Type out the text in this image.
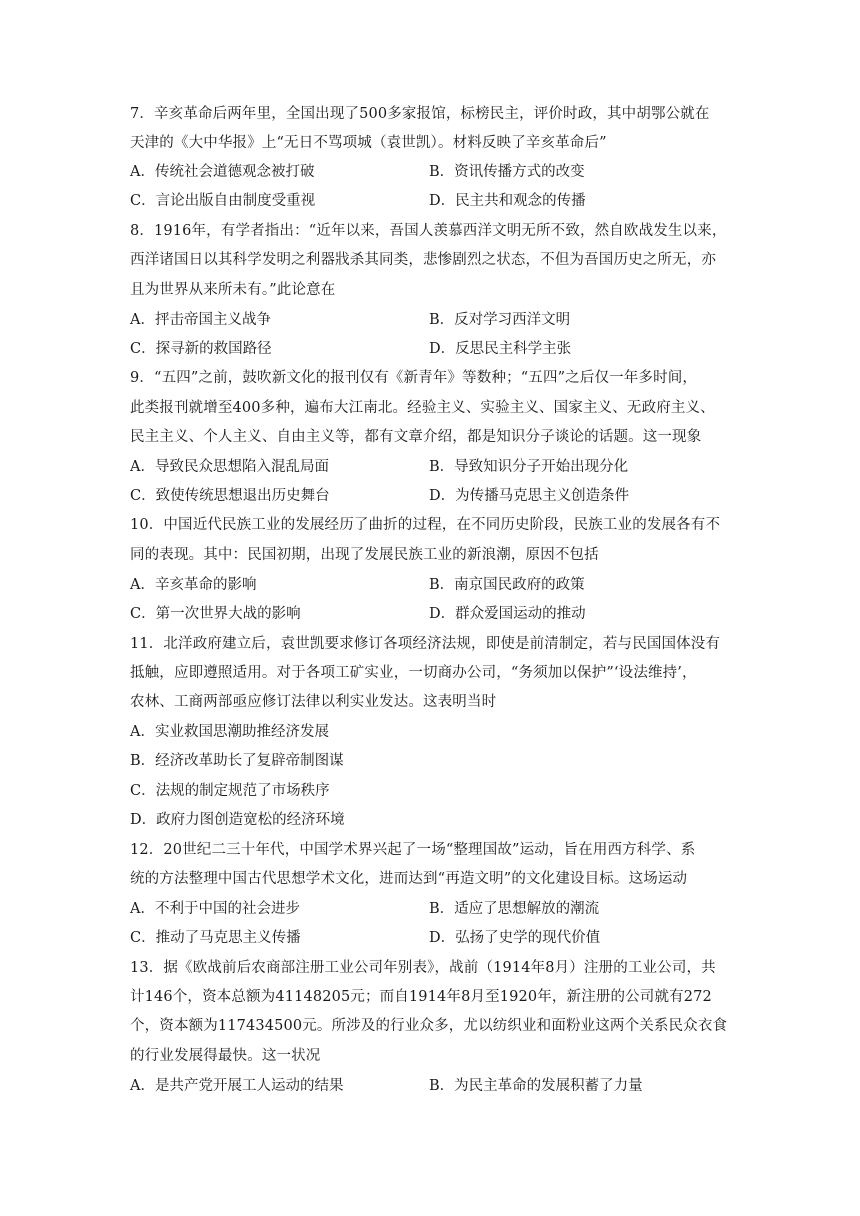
7．辛亥革命后两年里，全国出现了500多家报馆，标榜民主，评价时政，其中胡鄂公就在
天津的《大中华报》上“无日不骂项城（袁世凯）。材料反映了辛亥革命后”
A．传统社会道德观念被打破	B．资讯传播方式的改变
C．言论出版自由制度受重视	D．民主共和观念的传播
8．1916年，有学者指出：“近年以来，吾国人羡慕西洋文明无所不致，然自欧战发生以来，
西洋诸国日以其科学发明之利器戕杀其同类，悲惨剧烈之状态，不但为吾国历史之所无，亦
且为世界从来所未有。”此论意在
A．抨击帝国主义战争	B．反对学习西洋文明
C．探寻新的救国路径	D．反思民主科学主张
9．“五四”之前，鼓吹新文化的报刊仅有《新青年》等数种；“五四”之后仅一年多时间，
此类报刊就增至400多种，遍布大江南北。经验主义、实验主义、国家主义、无政府主义、
民主主义、个人主义、自由主义等，都有文章介绍，都是知识分子谈论的话题。这一现象
A．导致民众思想陷入混乱局面	B．导致知识分子开始出现分化
C．致使传统思想退出历史舞台	D．为传播马克思主义创造条件
10．中国近代民族工业的发展经历了曲折的过程，在不同历史阶段，民族工业的发展各有不
同的表现。其中：民国初期，出现了发展民族工业的新浪潮，原因不包括
A．辛亥革命的影响	B．南京国民政府的政策
C．第一次世界大战的影响	D．群众爱国运动的推动
11．北洋政府建立后，袁世凯要求修订各项经济法规，即使是前清制定，若与民国国体没有
抵触，应即遵照适用。对于各项工矿实业，一切商办公司，“务须加以保护”‘设法维持’，
农林、工商两部亟应修订法律以利实业发达。这表明当时
A．实业救国思潮助推经济发展
B．经济改革助长了复辟帝制图谋
C．法规的制定规范了市场秩序
D．政府力图创造宽松的经济环境
12．20世纪二三十年代，中国学术界兴起了一场“整理国故”运动，旨在用西方科学、系
统的方法整理中国古代思想学术文化，进而达到“再造文明”的文化建设目标。这场运动
A．不利于中国的社会进步	B．适应了思想解放的潮流
C．推动了马克思主义传播	D．弘扬了史学的现代价值
13．据《欧战前后农商部注册工业公司年别表》，战前（1914年8月）注册的工业公司，共
计146个，资本总额为41148205元；而自1914年8月至1920年，新注册的公司就有272
个，资本额为117434500元。所涉及的行业众多，尤以纺织业和面粉业这两个关系民众衣食
的行业发展得最快。这一状况
A．是共产党开展工人运动的结果	B．为民主革命的发展积蓄了力量
